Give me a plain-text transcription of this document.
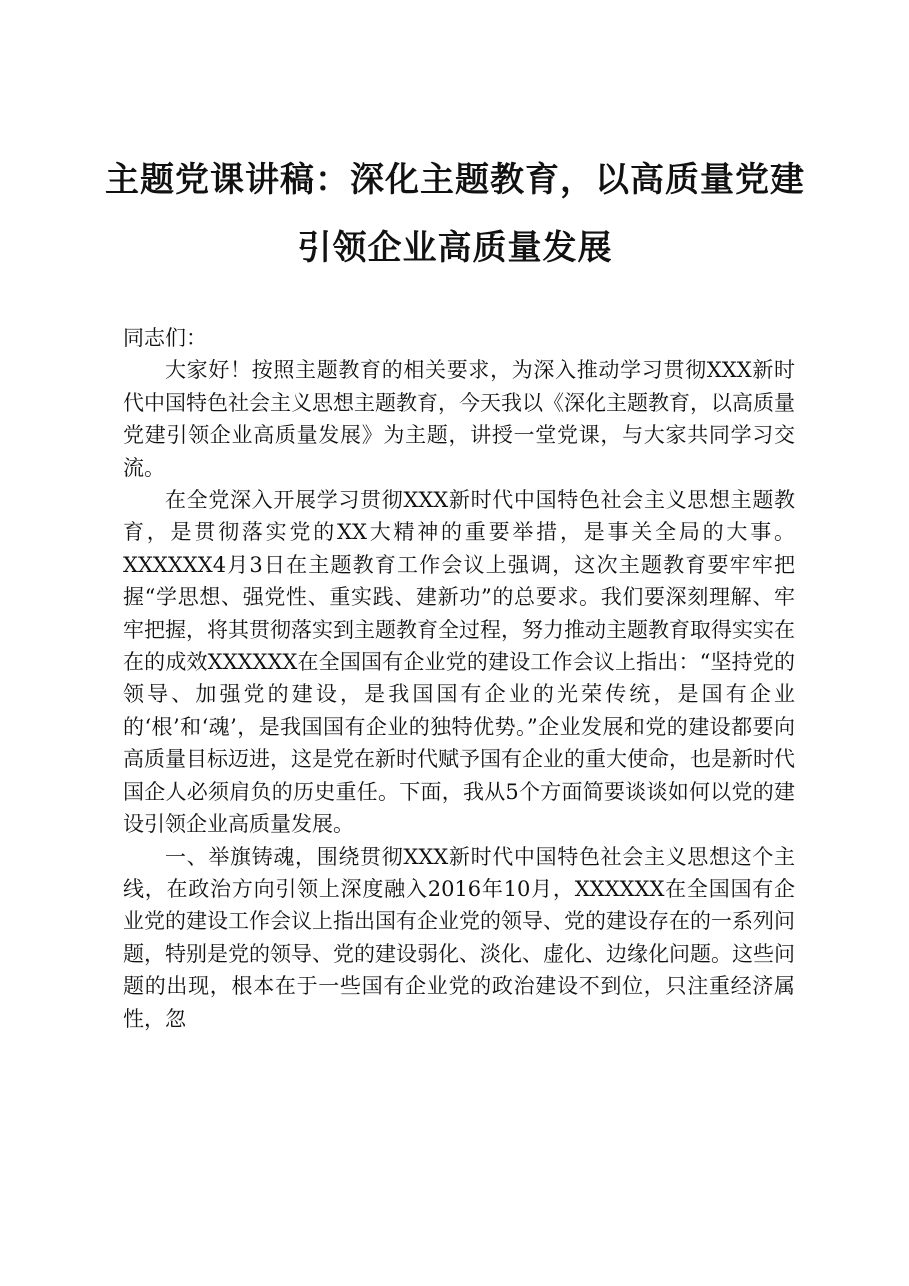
主题党课讲稿：深化主题教育，以高质量党建
引领企业高质量发展

同志们：

大家好！按照主题教育的相关要求，为深入推动学习贯彻XXX新时代中国特色社会主义思想主题教育，今天我以《深化主题教育，以高质量党建引领企业高质量发展》为主题，讲授一堂党课，与大家共同学习交流。

在全党深入开展学习贯彻XXX新时代中国特色社会主义思想主题教育，是贯彻落实党的XX大精神的重要举措，是事关全局的大事。XXXXXX4月3日在主题教育工作会议上强调，这次主题教育要牢牢把握“学思想、强党性、重实践、建新功”的总要求。我们要深刻理解、牢牢把握，将其贯彻落实到主题教育全过程，努力推动主题教育取得实实在在的成效XXXXXX在全国国有企业党的建设工作会议上指出：“坚持党的领导、加强党的建设，是我国国有企业的光荣传统，是国有企业的‘根’和‘魂’，是我国国有企业的独特优势。”企业发展和党的建设都要向高质量目标迈进，这是党在新时代赋予国有企业的重大使命，也是新时代国企人必须肩负的历史重任。下面，我从5个方面简要谈谈如何以党的建设引领企业高质量发展。

一、举旗铸魂，围绕贯彻XXX新时代中国特色社会主义思想这个主线，在政治方向引领上深度融入2016年10月，XXXXXX在全国国有企业党的建设工作会议上指出国有企业党的领导、党的建设存在的一系列问题，特别是党的领导、党的建设弱化、淡化、虚化、边缘化问题。这些问题的出现，根本在于一些国有企业党的政治建设不到位，只注重经济属性，忽
